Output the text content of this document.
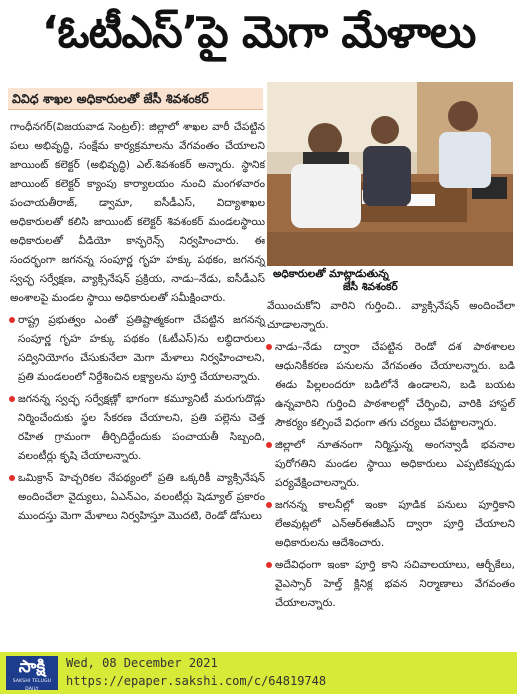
‘ఓటీఎస్’పై మెగా మేళాలు
వివిధ శాఖల అధికారులతో జేసీ శివశంకర్

గాంధీనగర్(విజయవాడ సెంట్రల్): జిల్లాలో శాఖల వారీ చేపట్టిన పలు అభివృద్ధి, సంక్షేమ కార్యక్రమాలను వేగవంతం చేయాలని జాయింట్ కలెక్టర్ (అభివృద్ధి) ఎల్.శివశంకర్ అన్నారు. స్థానిక జాయింట్ కలెక్టర్ క్యాంపు కార్యాలయం నుంచి మంగళవారం పంచాయతీరాజ్, డ్వామా, ఐసీడీఎస్, విద్యాశాఖల అధికారులతో కలిసి జాయింట్ కలెక్టర్ శివశంకర్ మండలస్థాయి అధికారులతో వీడియో కాన్ఫరెన్స్ నిర్వహించారు. ఈ సందర్భంగా జగనన్న సంపూర్ణ గృహ హక్కు పథకం, జగనన్న స్వచ్ఛ సర్వేక్షణ, వ్యాక్సినేషన్ ప్రక్రియ, నాడు–నేడు, ఐసీడీఎస్ అంశాలపై మండల స్థాయి అధికారులతో సమీక్షించారు.

రాష్ట్ర ప్రభుత్వం ఎంతో ప్రతిష్టాత్మకంగా చేపట్టిన జగనన్న సంపూర్ణ గృహ హక్కు పథకం (ఓటీఎస్)ను లబ్ధిదారులు సద్వినియోగం చేసుకునేలా మెగా మేళాలు నిర్వహించాలని, ప్రతి మండలంలో నిర్దేశించిన లక్ష్యాలను పూర్తి చేయాలన్నారు.

జగనన్న స్వచ్ఛ సర్వేక్షణ్లో భాగంగా కమ్యూనిటీ మరుగుదొడ్లు నిర్మించేందుకు స్థల సేకరణ చేయాలని, ప్రతి పల్లెను చెత్త రహిత గ్రామంగా తీర్చిదిద్దేందుకు పంచాయతీ సిబ్బంది, వలంటీర్లు కృషి చేయాలన్నారు.

ఒమిక్రాన్ హెచ్చరికల నేపథ్యంలో ప్రతి ఒక్కరికీ వ్యాక్సినేషన్ అందించేలా వైద్యులు, ఏఎన్ఎం, వలంటీర్లు షెడ్యూల్ ప్రకారం ముందస్తు మెగా మేళాలు నిర్వహిస్తూ మొదటి, రెండో డోసులు

అధికారులతో మాట్లాడుతున్న
జేసీ శివశంకర్

వేయించుకోని వారిని గుర్తించి.. వ్యాక్సినేషన్ అందించేలా చూడాలన్నారు.

నాడు–నేడు ద్వారా చేపట్టిన రెండో దశ పాఠశాలల ఆధునికీకరణ పనులను వేగవంతం చేయాలన్నారు. బడి ఈడు పిల్లలందరూ బడిలోనే ఉండాలని, బడి బయట ఉన్నవారిని గుర్తించి పాఠశాలల్లో చేర్పించి, వారికి హాస్టల్ సౌకర్యం కల్పించే విధంగా తగు చర్యలు చేపట్టాలన్నారు.

జిల్లాలో నూతనంగా నిర్మిస్తున్న అంగన్వాడీ భవనాల పురోగతిని మండల స్థాయి అధికారులు ఎప్పటికప్పుడు పర్యవేక్షించాలన్నారు.

జగనన్న కాలనీల్లో ఇంకా పూడిక పనులు పూర్తికాని లేఅవుట్లలో ఎన్ఆర్ఈజీఎస్ ద్వారా పూర్తి చేయాలని అధికారులను ఆదేశించారు.

అదేవిధంగా ఇంకా పూర్తి కాని సచివాలయాలు, ఆర్బీకేలు, వైఎస్సార్ హెల్త్ క్లినిక్ల భవన నిర్మాణాలు వేగవంతం చేయాలన్నారు.

సాక్షి
SAKSHI TELUGU DAILY
Wed, 08 December 2021
https://epaper.sakshi.com/c/64819748
